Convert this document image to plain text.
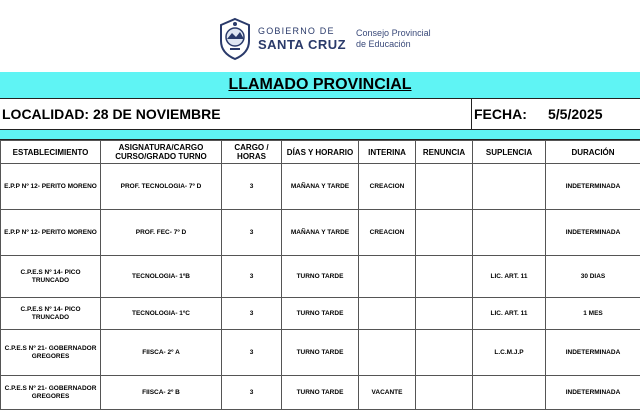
GOBIERNO DE
SANTA CRUZ
Consejo Provincial
de Educación
LLAMADO PROVINCIAL
LOCALIDAD: 28 DE NOVIEMBRE	FECHA: 5/5/2025
ESTABLECIMIENTO	ASIGNATURA/CARGO CURSO/GRADO TURNO	CARGO / HORAS	DÍAS Y HORARIO	INTERINA	RENUNCIA	SUPLENCIA	DURACIÓN
E.P.P Nº 12- PERITO MORENO	PROF. TECNOLOGIA- 7º D	3	MAÑANA Y TARDE	CREACION			INDETERMINADA
E.P.P Nº 12- PERITO MORENO	PROF. FEC- 7º D	3	MAÑANA Y TARDE	CREACION			INDETERMINADA
C.P.E.S Nº 14- PICO TRUNCADO	TECNOLOGIA- 1ºB	3	TURNO TARDE			LIC. ART. 11	30 DIAS
C.P.E.S Nº 14- PICO TRUNCADO	TECNOLOGIA- 1ºC	3	TURNO TARDE			LIC. ART. 11	1 MES
C.P.E.S Nº 21- GOBERNADOR GREGORES	FIISCA- 2º A	3	TURNO TARDE			L.C.M.J.P	INDETERMINADA
C.P.E.S Nº 21- GOBERNADOR GREGORES	FIISCA- 2º B	3	TURNO TARDE	VACANTE			INDETERMINADA
